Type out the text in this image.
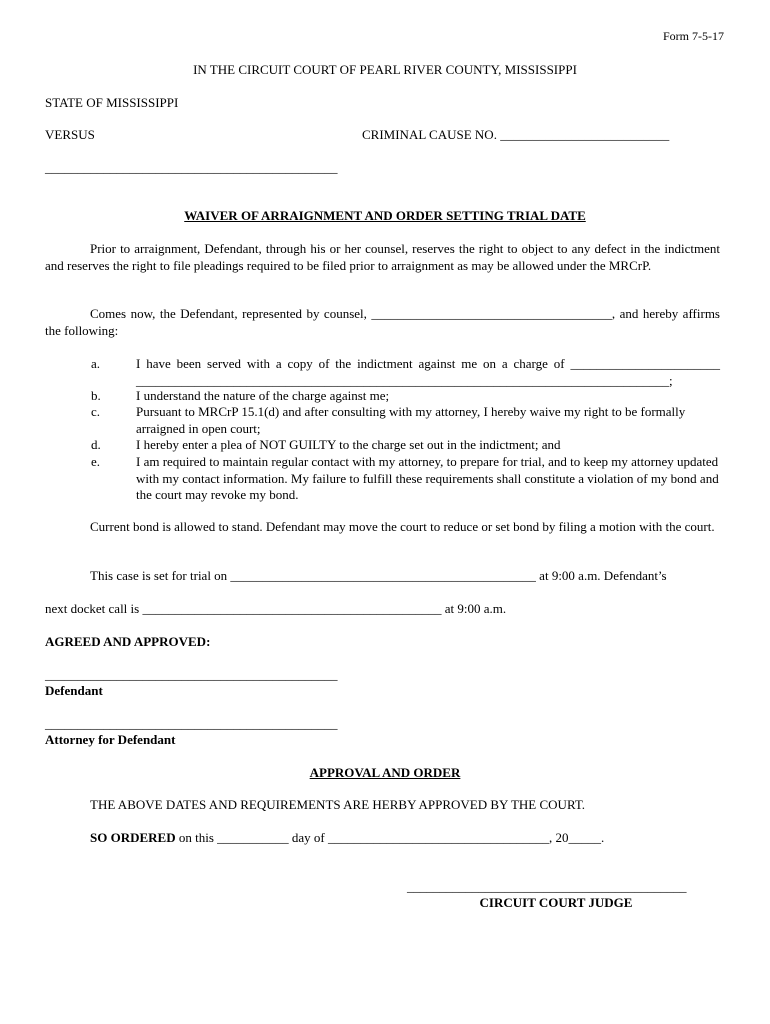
Form 7-5-17
IN THE CIRCUIT COURT OF PEARL RIVER COUNTY, MISSISSIPPI
STATE OF MISSISSIPPI
VERSUS	CRIMINAL CAUSE NO. __________________________
_____________________________________________
WAIVER OF ARRAIGNMENT AND ORDER SETTING TRIAL DATE
Prior to arraignment, Defendant, through his or her counsel, reserves the right to object to any defect in the indictment and reserves the right to file pleadings required to be filed prior to arraignment as may be allowed under the MRCrP.
Comes now, the Defendant, represented by counsel, _____________________________________, and hereby affirms the following:
a.	I have been served with a copy of the indictment against me on a charge of _______________________ __________________________________________________________________________________;
b.	I understand the nature of the charge against me;
c.	Pursuant to MRCrP 15.1(d) and after consulting with my attorney, I hereby waive my right to be formally arraigned in open court;
d.	I hereby enter a plea of NOT GUILTY to the charge set out in the indictment; and
e.	I am required to maintain regular contact with my attorney, to prepare for trial, and to keep my attorney updated with my contact information. My failure to fulfill these requirements shall constitute a violation of my bond and the court may revoke my bond.
Current bond is allowed to stand. Defendant may move the court to reduce or set bond by filing a motion with the court.
This case is set for trial on _______________________________________________ at 9:00 a.m. Defendant’s
next docket call is ______________________________________________ at 9:00 a.m.
AGREED AND APPROVED:
_____________________________________________
Defendant
_____________________________________________
Attorney for Defendant
APPROVAL AND ORDER
THE ABOVE DATES AND REQUIREMENTS ARE HERBY APPROVED BY THE COURT.
SO ORDERED on this ___________ day of __________________________________, 20_____.
___________________________________________
CIRCUIT COURT JUDGE
